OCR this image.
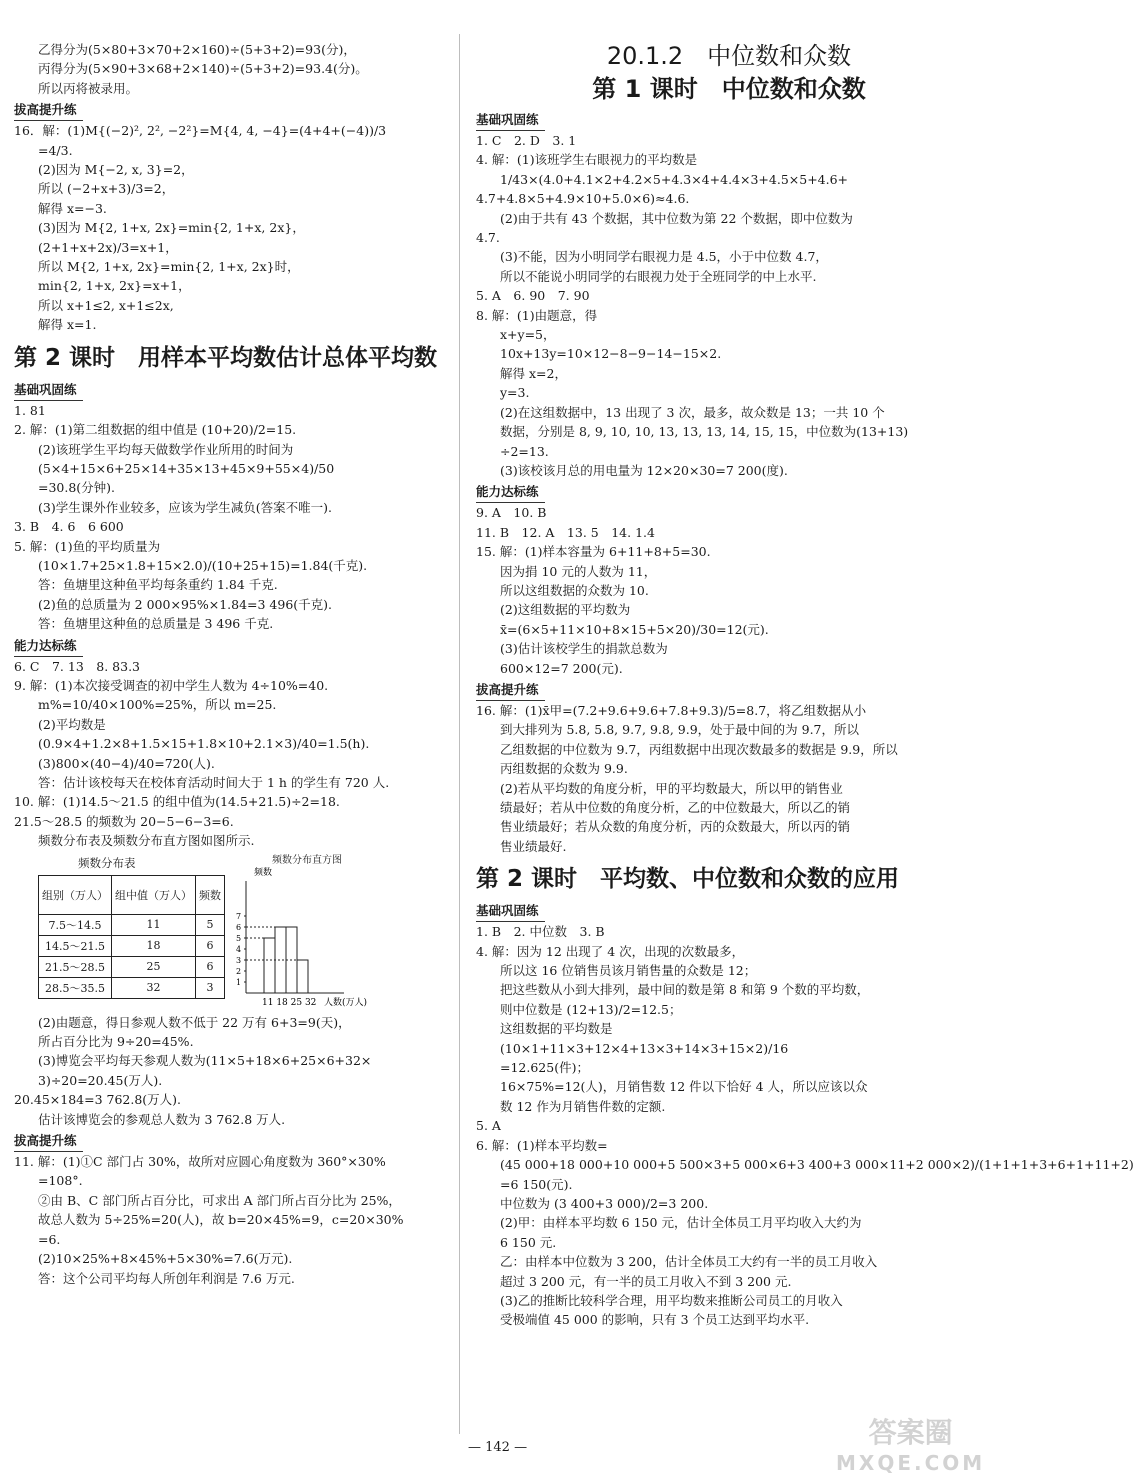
乙得分为(5×80+3×70+2×160)÷(5+3+2)=93(分)，
丙得分为(5×90+3×68+2×140)÷(5+3+2)=93.4(分)。
所以丙将被录用。
拔高提升练
16．解：(1)M{(−2)², 2², −2²}=M{4, 4, −4}=(4+4+(−4))/3
=4/3.
(2)因为 M{−2, x, 3}=2，
所以 (−2+x+3)/3=2，
解得 x=−3.
(3)因为 M{2, 1+x, 2x}=min{2, 1+x, 2x}，
(2+1+x+2x)/3=x+1，
所以 M{2, 1+x, 2x}=min{2, 1+x, 2x}时，
min{2, 1+x, 2x}=x+1，
所以 x+1≤2, x+1≤2x,
解得 x=1.
第 2 课时　用样本平均数估计总体平均数
基础巩固练
1. 81
2. 解：(1)第二组数据的组中值是 (10+20)/2=15.
(2)该班学生平均每天做数学作业所用的时间为
(5×4+15×6+25×14+35×13+45×9+55×4)/50
=30.8(分钟).
(3)学生课外作业较多，应该为学生减负(答案不唯一).
3. B　4. 6　6 600
5. 解：(1)鱼的平均质量为
(10×1.7+25×1.8+15×2.0)/(10+25+15)=1.84(千克).
答：鱼塘里这种鱼平均每条重约 1.84 千克.
(2)鱼的总质量为 2 000×95%×1.84=3 496(千克).
答：鱼塘里这种鱼的总质量是 3 496 千克.
能力达标练
6. C　7. 13　8. 83.3
9. 解：(1)本次接受调查的初中学生人数为 4÷10%=40.
m%=10/40×100%=25%，所以 m=25.
(2)平均数是
(0.9×4+1.2×8+1.5×15+1.8×10+2.1×3)/40=1.5(h).
(3)800×(40−4)/40=720(人).
答：估计该校每天在校体育活动时间大于 1 h 的学生有 720 人.
10. 解：(1)14.5～21.5 的组中值为(14.5+21.5)÷2=18.
21.5～28.5 的频数为 20−5−6−3=6.
频数分布表及频数分布直方图如图所示.
频数分布表
组别（万人）	组中值（万人）	频数
7.5～14.5	11	5
14.5～21.5	18	6
21.5～28.5	25	6
28.5～35.5	32	3
频数分布直方图
频数
1
2
3
4
5
6
7
11 18 25 32 人数(万人)
(2)由题意，得日参观人数不低于 22 万有 6+3=9(天)，
所占百分比为 9÷20=45%.
(3)博览会平均每天参观人数为(11×5+18×6+25×6+32×
3)÷20=20.45(万人).
20.45×184=3 762.8(万人).
估计该博览会的参观总人数为 3 762.8 万人.
拔高提升练
11. 解：(1)①C 部门占 30%，故所对应圆心角度数为 360°×30%
=108°.
②由 B、C 部门所占百分比，可求出 A 部门所占百分比为 25%，
故总人数为 5÷25%=20(人)，故 b=20×45%=9，c=20×30%
=6.
(2)10×25%+8×45%+5×30%=7.6(万元).
答：这个公司平均每人所创年利润是 7.6 万元.
20.1.2　中位数和众数
第 1 课时　中位数和众数
基础巩固练
1. C　2. D　3. 1
4. 解：(1)该班学生右眼视力的平均数是
1/43×(4.0+4.1×2+4.2×5+4.3×4+4.4×3+4.5×5+4.6+
4.7+4.8×5+4.9×10+5.0×6)≈4.6.
(2)由于共有 43 个数据，其中位数为第 22 个数据，即中位数为
4.7.
(3)不能，因为小明同学右眼视力是 4.5，小于中位数 4.7，
所以不能说小明同学的右眼视力处于全班同学的中上水平.
5. A　6. 90　7. 90
8. 解：(1)由题意，得
x+y=5，
10x+13y=10×12−8−9−14−15×2.
解得 x=2，
y=3.
(2)在这组数据中，13 出现了 3 次，最多，故众数是 13；一共 10 个
数据，分别是 8, 9, 10, 10, 13, 13, 13, 14, 15, 15，中位数为(13+13)
÷2=13.
(3)该校该月总的用电量为 12×20×30=7 200(度).
能力达标练
9. A　10. B
11. B　12. A　13. 5　14. 1.4
15. 解：(1)样本容量为 6+11+8+5=30.
因为捐 10 元的人数为 11，
所以这组数据的众数为 10.
(2)这组数据的平均数为
x̄=(6×5+11×10+8×15+5×20)/30=12(元).
(3)估计该校学生的捐款总数为
600×12=7 200(元).
拔高提升练
16. 解：(1)x̄甲=(7.2+9.6+9.6+7.8+9.3)/5=8.7，将乙组数据从小
到大排列为 5.8, 5.8, 9.7, 9.8, 9.9，处于最中间的为 9.7，所以
乙组数据的中位数为 9.7，丙组数据中出现次数最多的数据是 9.9，所以
丙组数据的众数为 9.9.
(2)若从平均数的角度分析，甲的平均数最大，所以甲的销售业
绩最好；若从中位数的角度分析，乙的中位数最大，所以乙的销
售业绩最好；若从众数的角度分析，丙的众数最大，所以丙的销
售业绩最好.
第 2 课时　平均数、中位数和众数的应用
基础巩固练
1. B　2. 中位数　3. B
4. 解：因为 12 出现了 4 次，出现的次数最多，
所以这 16 位销售员该月销售量的众数是 12；
把这些数从小到大排列，最中间的数是第 8 和第 9 个数的平均数，
则中位数是 (12+13)/2=12.5；
这组数据的平均数是
(10×1+11×3+12×4+13×3+14×3+15×2)/16
=12.625(件)；
16×75%=12(人)，月销售数 12 件以下恰好 4 人，所以应该以众
数 12 作为月销售件数的定额.
5. A
6. 解：(1)样本平均数=
(45 000+18 000+10 000+5 500×3+5 000×6+3 400+3 000×11+2 000×2)/(1+1+1+3+6+1+11+2)
=6 150(元).
中位数为 (3 400+3 000)/2=3 200.
(2)甲：由样本平均数 6 150 元，估计全体员工月平均收入大约为
6 150 元.
乙：由样本中位数为 3 200，估计全体员工大约有一半的员工月收入
超过 3 200 元，有一半的员工月收入不到 3 200 元.
(3)乙的推断比较科学合理，用平均数来推断公司员工的月收入
受极端值 45 000 的影响，只有 3 个员工达到平均水平.
— 142 —	答案圈
MXQE.COM
